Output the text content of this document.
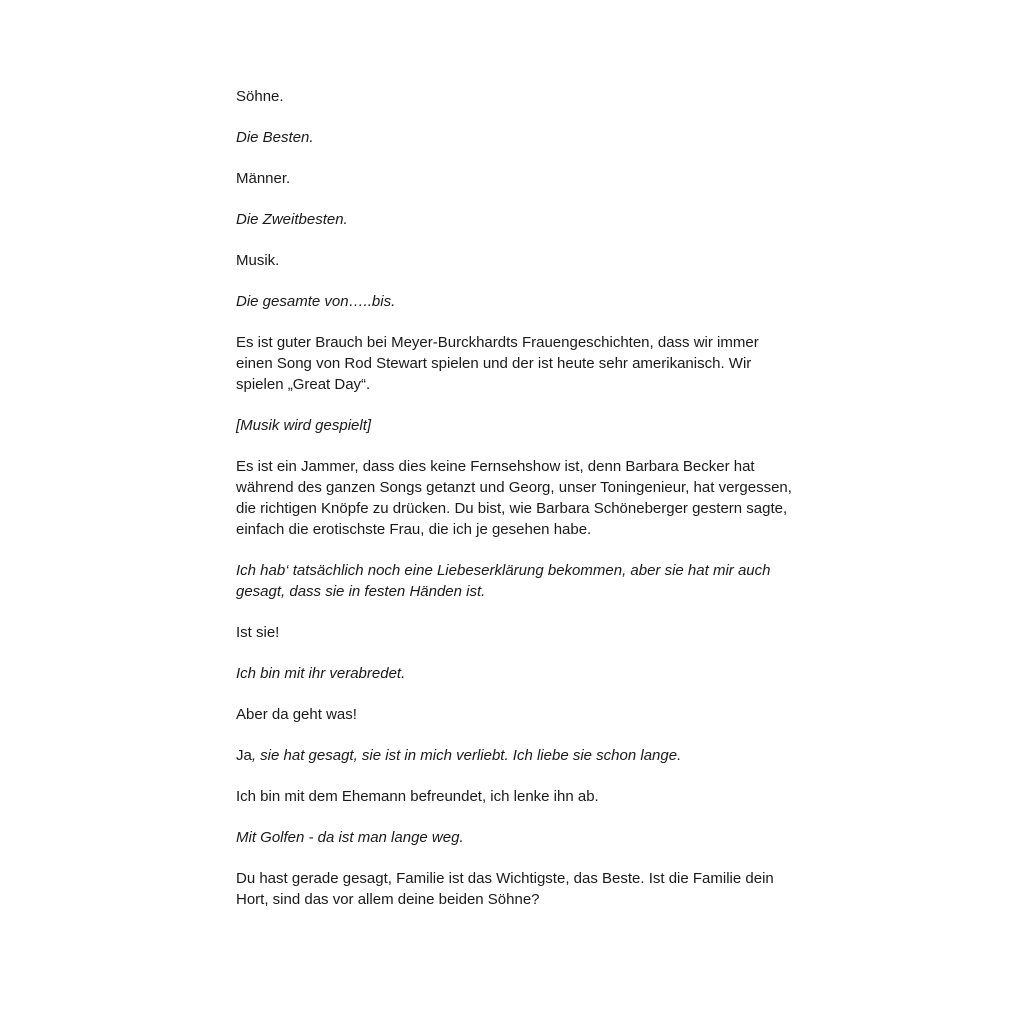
Söhne.

Die Besten.

Männer.

Die Zweitbesten.

Musik.

Die gesamte von…..bis.

Es ist guter Brauch bei Meyer-Burckhardts Frauengeschichten, dass wir immer einen Song von Rod Stewart spielen und der ist heute sehr amerikanisch. Wir spielen „Great Day“.

[Musik wird gespielt]

Es ist ein Jammer, dass dies keine Fernsehshow ist, denn Barbara Becker hat während des ganzen Songs getanzt und Georg, unser Toningenieur, hat vergessen, die richtigen Knöpfe zu drücken. Du bist, wie Barbara Schöneberger gestern sagte, einfach die erotischste Frau, die ich je gesehen habe.

Ich hab‘ tatsächlich noch eine Liebeserklärung bekommen, aber sie hat mir auch gesagt, dass sie in festen Händen ist.

Ist sie!

Ich bin mit ihr verabredet.

Aber da geht was!

Ja, sie hat gesagt, sie ist in mich verliebt. Ich liebe sie schon lange.

Ich bin mit dem Ehemann befreundet, ich lenke ihn ab.

Mit Golfen - da ist man lange weg.

Du hast gerade gesagt, Familie ist das Wichtigste, das Beste. Ist die Familie dein Hort, sind das vor allem deine beiden Söhne?
